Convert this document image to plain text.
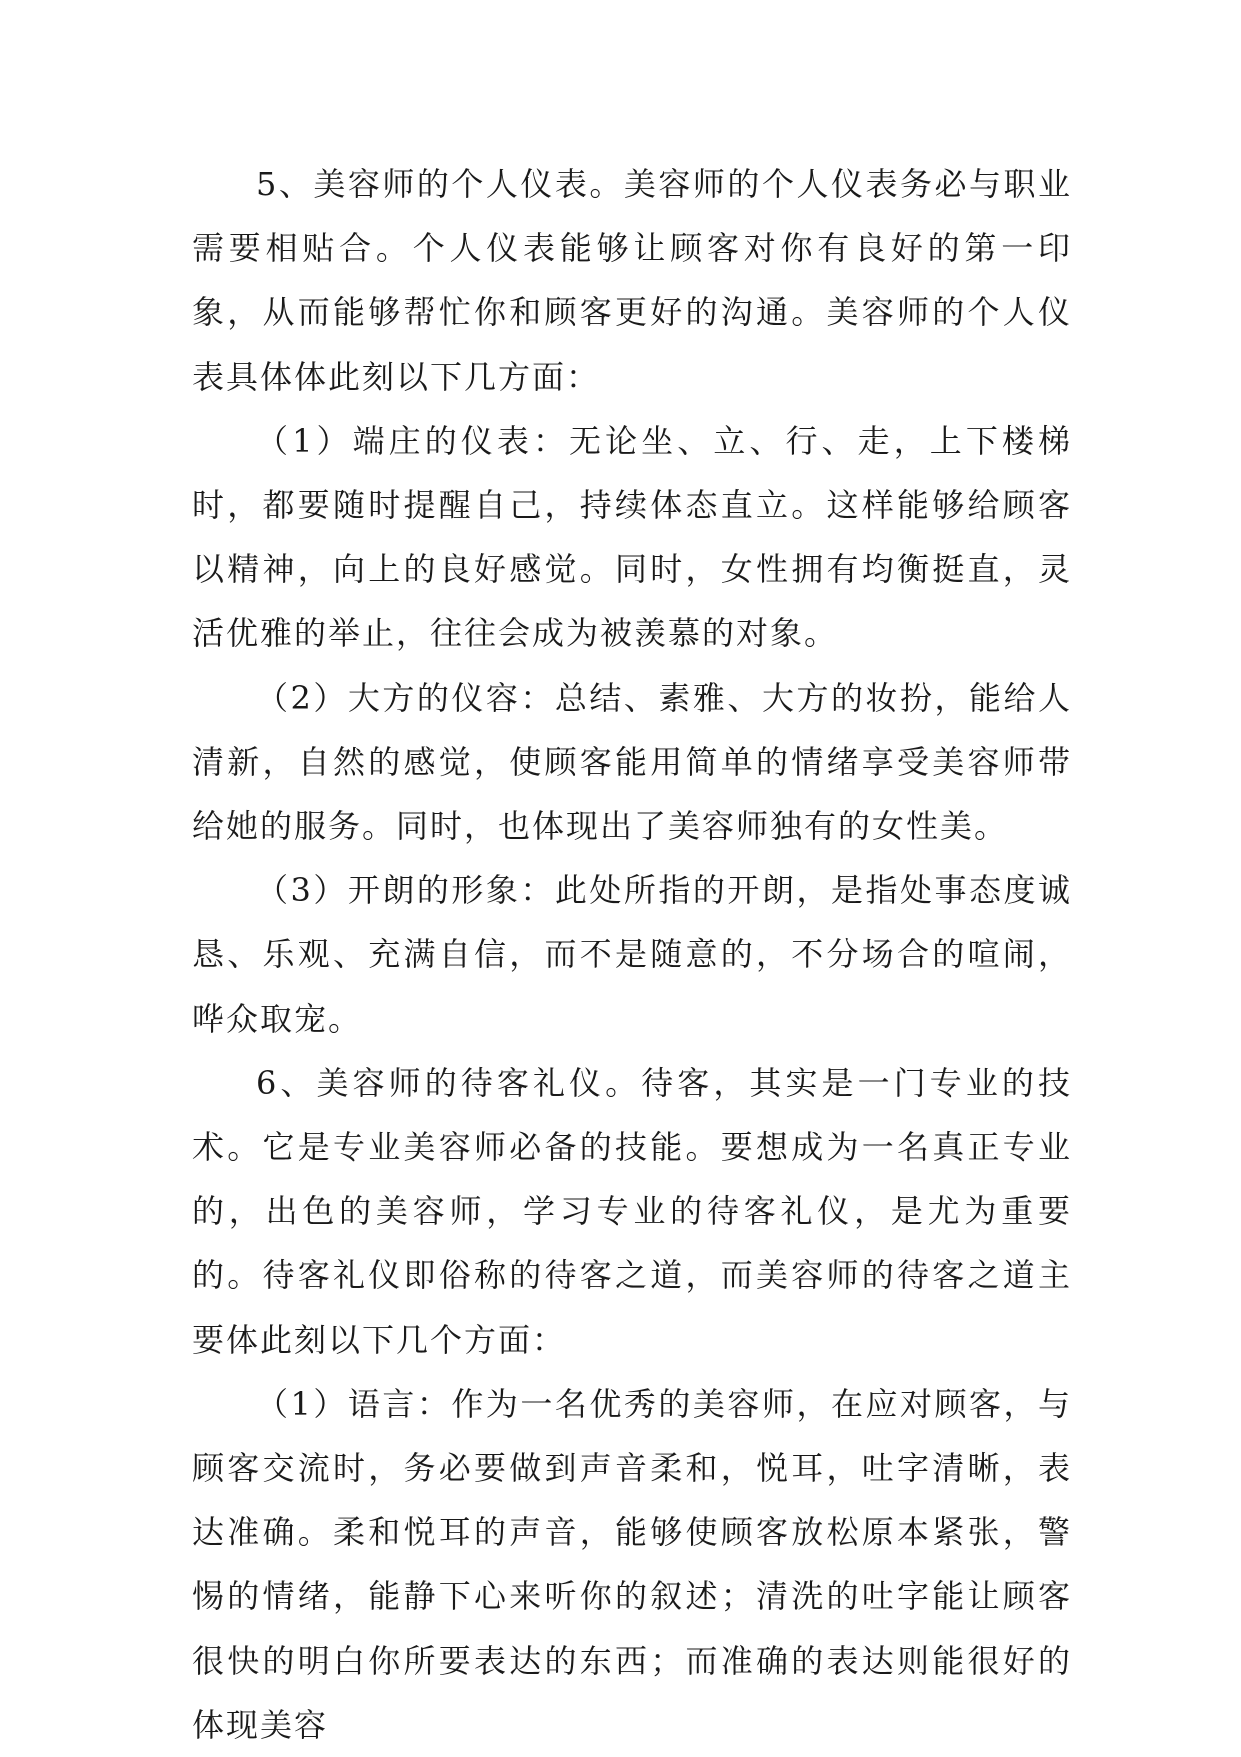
5、美容师的个人仪表。美容师的个人仪表务必与职业需要相贴合。个人仪表能够让顾客对你有良好的第一印象，从而能够帮忙你和顾客更好的沟通。美容师的个人仪表具体体此刻以下几方面：

（1）端庄的仪表：无论坐、立、行、走，上下楼梯时，都要随时提醒自己，持续体态直立。这样能够给顾客以精神，向上的良好感觉。同时，女性拥有均衡挺直，灵活优雅的举止，往往会成为被羡慕的对象。

（2）大方的仪容：总结、素雅、大方的妆扮，能给人清新，自然的感觉，使顾客能用简单的情绪享受美容师带给她的服务。同时，也体现出了美容师独有的女性美。

（3）开朗的形象：此处所指的开朗，是指处事态度诚恳、乐观、充满自信，而不是随意的，不分场合的喧闹，哗众取宠。

6、美容师的待客礼仪。待客，其实是一门专业的技术。它是专业美容师必备的技能。要想成为一名真正专业的，出色的美容师，学习专业的待客礼仪，是尤为重要的。待客礼仪即俗称的待客之道，而美容师的待客之道主要体此刻以下几个方面：

（1）语言：作为一名优秀的美容师，在应对顾客，与顾客交流时，务必要做到声音柔和，悦耳，吐字清晰，表达准确。柔和悦耳的声音，能够使顾客放松原本紧张，警惕的情绪，能静下心来听你的叙述；清洗的吐字能让顾客很快的明白你所要表达的东西；而准确的表达则能很好的体现美容
